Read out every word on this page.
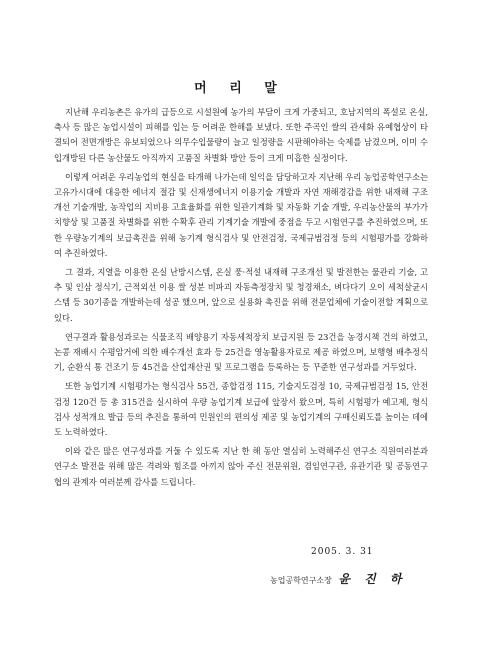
머 리 말

지난해 우리농촌은 유가의 급등으로 시설원예 농가의 부담이 크게 가중되고, 호남지역의 폭설로 온실, 축사 등 많은 농업시설이 피해를 입는 등 어려운 한해를 보냈다. 또한 주곡인 쌀의 관세화 유예협상이 타결되어 전면개방은 유보되었으나 의무수입물량이 늘고 일정량을 시판해야하는 숙제를 남겼으며, 이미 수입개방된 다른 농산물도 아직까지 고품질 차별화 방안 등이 크게 미흡한 실정이다.

이렇게 어려운 우리농업의 현실을 타개해 나가는데 일익을 담당하고자 지난해 우리 농업공학연구소는 고유가시대에 대응한 에너지 절감 및 신재생에너지 이용기술 개발과 자연 재해경감을 위한 내재해 구조개선 기술개발, 농작업의 지비용 고효율화를 위한 일관기계화 및 자동화 기술 개발, 우리농산물의 부가가치향상 및 고품질 차별화를 위한 수확후 관리 기계기술 개발에 중점을 두고 시험연구를 추진하였으며, 또한 우량농기계의 보급촉진을 위해 농기계 형식검사 및 안전검정, 국제규범검정 등의 시험평가를 강화하여 추진하였다.

그 결과, 지열을 이용한 온실 난방시스템, 온실 풍·적설 내재해 구조개선 및 발전한는 물관리 기술, 고추 및 인삼 정식기, 근적외선 이용 쌀 성분 비파괴 자동측정장치 및 청경채소, 벼다다기 오이 세척살균시스템 등 30기종을 개발하는데 성공 했으며, 앞으로 실용화 촉진을 위해 전문업체에 기술이전할 계획으로 있다.

연구결과 활용성과로는 식물조직 배양용기 자동세척장치 보급지원 등 23건을 농경시책 건의 하였고, 논콩 재배시 수평암거에 의한 배수개선 효과 등 25건을 영농활용자료로 제공 하였으며, 보행형 배추정식기, 순환식 통 건조기 등 45건을 산업재산권 및 프로그램을 등록하는 등 꾸준한 연구성과를 거두었다.

또한 농업기계 시험평가는 형식검사 55건, 종합검정 115, 기술지도검정 10, 국제규범검정 15, 안전검정 120건 등 총 315건을 실시하여 우량 농업기계 보급에 앞장서 왔으며, 특히 시험평가 예고제, 형식검사 성적개요 발급 등의 추진을 통하여 민원인의 편의성 제공 및 농업기계의 구매신뢰도를 높이는 데에도 노력하였다.

이와 같은 많은 연구성과를 거둘 수 있도록 지난 한 해 동안 열심히 노력해주신 연구소 직원여러분과 연구소 발전을 위해 많은 격려와 힘조를 아끼지 않아 주신 전문위원, 겸임연구관, 유관기관 및 공동연구협의 관계자 여러분께 감사를 드립니다.

2005. 3. 31
농업공학연구소장 윤 진 하
